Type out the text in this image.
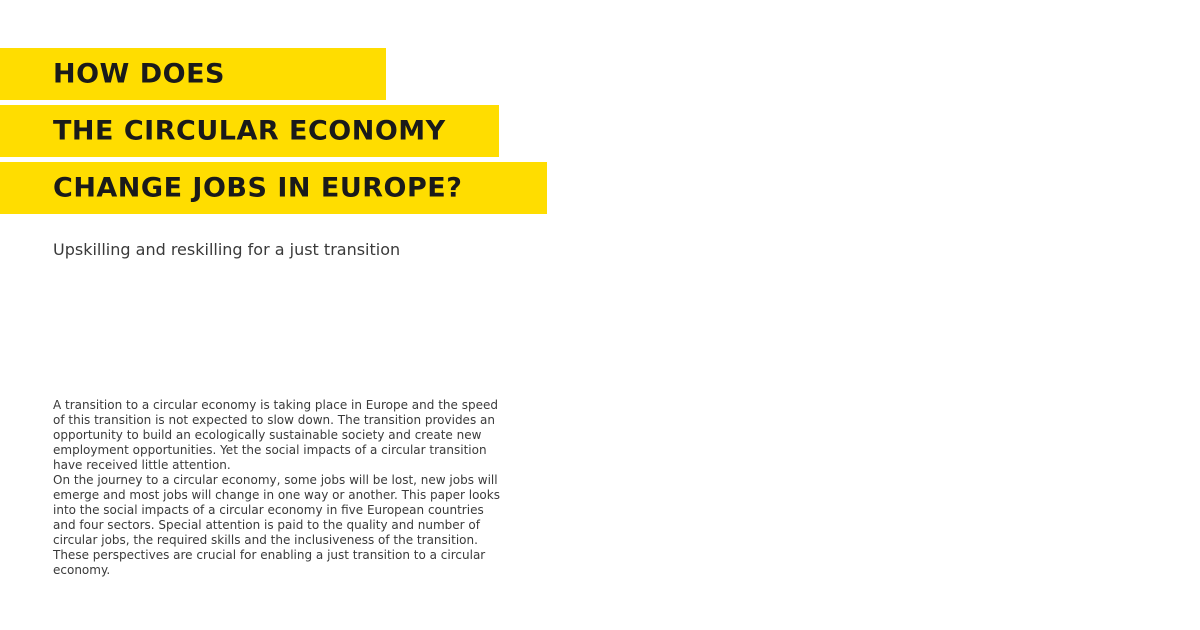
HOW DOES
THE CIRCULAR ECONOMY
CHANGE JOBS IN EUROPE?
Upskilling and reskilling for a just transition

A transition to a circular economy is taking place in Europe and the speed of this transition is not expected to slow down. The transition provides an opportunity to build an ecologically sustainable society and create new employment opportunities. Yet the social impacts of a circular transition have received little attention.

On the journey to a circular economy, some jobs will be lost, new jobs will emerge and most jobs will change in one way or another. This paper looks into the social impacts of a circular economy in five European countries and four sectors. Special attention is paid to the quality and number of circular jobs, the required skills and the inclusiveness of the transition. These perspectives are crucial for enabling a just transition to a circular economy.
